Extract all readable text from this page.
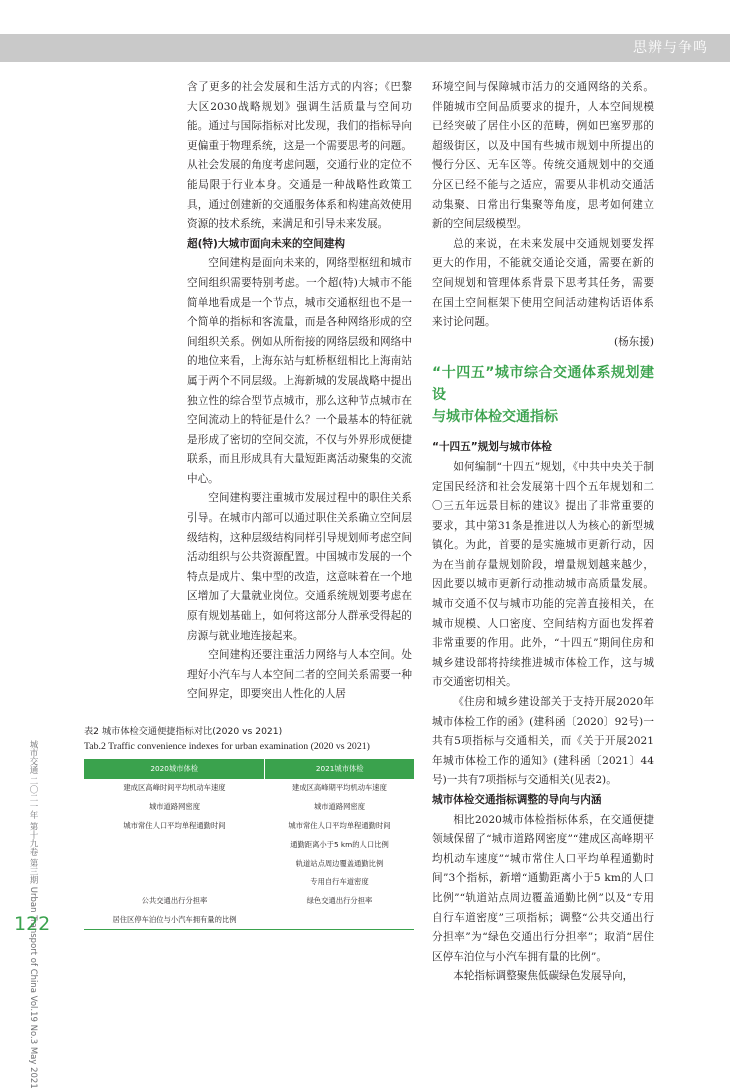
思辨与争鸣

含了更多的社会发展和生活方式的内容；《巴黎大区2030战略规划》强调生活质量与空间功能。通过与国际指标对比发现，我们的指标导向更偏重于物理系统，这是一个需要思考的问题。从社会发展的角度考虑问题，交通行业的定位不能局限于行业本身。交通是一种战略性政策工具，通过创建新的交通服务体系和构建高效使用资源的技术系统，来满足和引导未来发展。

超(特)大城市面向未来的空间建构

空间建构是面向未来的，网络型枢纽和城市空间组织需要特别考虑。一个超(特)大城市不能简单地看成是一个节点，城市交通枢纽也不是一个简单的指标和客流量，而是各种网络形成的空间组织关系。例如从所衔接的网络层级和网络中的地位来看，上海东站与虹桥枢纽相比上海南站属于两个不同层级。上海新城的发展战略中提出独立性的综合型节点城市，那么这种节点城市在空间流动上的特征是什么？一个最基本的特征就是形成了密切的空间交流，不仅与外界形成便捷联系，而且形成具有大量短距离活动聚集的交流中心。

空间建构要注重城市发展过程中的职住关系引导。在城市内部可以通过职住关系确立空间层级结构，这种层级结构同样引导规划师考虑空间活动组织与公共资源配置。中国城市发展的一个特点是成片、集中型的改造，这意味着在一个地区增加了大量就业岗位。交通系统规划要考虑在原有规划基础上，如何将这部分人群承受得起的房源与就业地连接起来。

空间建构还要注重活力网络与人本空间。处理好小汽车与人本空间二者的空间关系需要一种空间界定，即要突出人性化的人居

环境空间与保障城市活力的交通网络的关系。伴随城市空间品质要求的提升，人本空间规模已经突破了居住小区的范畴，例如巴塞罗那的超级街区，以及中国有些城市规划中所提出的慢行分区、无车区等。传统交通规划中的交通分区已经不能与之适应，需要从非机动交通活动集聚、日常出行集聚等角度，思考如何建立新的空间层级模型。

总的来说，在未来发展中交通规划要发挥更大的作用，不能就交通论交通，需要在新的空间规划和管理体系背景下思考其任务，需要在国土空间框架下使用空间活动建构话语体系来讨论问题。

(杨东援)

“十四五”城市综合交通体系规划建设

与城市体检交通指标

“十四五”规划与城市体检

如何编制“十四五”规划，《中共中央关于制定国民经济和社会发展第十四个五年规划和二〇三五年远景目标的建议》提出了非常重要的要求，其中第31条是推进以人为核心的新型城镇化。为此，首要的是实施城市更新行动，因为在当前存量规划阶段，增量规划越来越少，因此要以城市更新行动推动城市高质量发展。城市交通不仅与城市功能的完善直接相关，在城市规模、人口密度、空间结构方面也发挥着非常重要的作用。此外，“十四五”期间住房和城乡建设部将持续推进城市体检工作，这与城市交通密切相关。

《住房和城乡建设部关于支持开展2020年城市体检工作的函》(建科函〔2020〕92号)一共有5项指标与交通相关，而《关于开展2021年城市体检工作的通知》(建科函〔2021〕44号)一共有7项指标与交通相关(见表2)。

城市体检交通指标调整的导向与内涵

相比2020城市体检指标体系，在交通便捷领域保留了“城市道路网密度”“建成区高峰期平均机动车速度”“城市常住人口平均单程通勤时间”3个指标，新增“通勤距离小于5 km的人口比例”“轨道站点周边覆盖通勤比例”以及“专用自行车道密度”三项指标；调整“公共交通出行分担率”为“绿色交通出行分担率”；取消“居住区停车泊位与小汽车拥有量的比例”。

本轮指标调整聚焦低碳绿色发展导向，

表2 城市体检交通便捷指标对比(2020 vs 2021)
Tab.2 Traffic convenience indexes for urban examination (2020 vs 2021)
2020城市体检	2021城市体检
建成区高峰时间平均机动车速度	建成区高峰期平均机动车速度
城市道路网密度	城市道路网密度
城市常住人口平均单程通勤时间	城市常住人口平均单程通勤时间
	通勤距离小于5 km的人口比例
	轨道站点周边覆盖通勤比例
	专用自行车道密度
公共交通出行分担率	绿色交通出行分担率
居住区停车泊位与小汽车拥有量的比例	
城市交通 二〇二一年 第十九卷 第三期 Urban Transport of China Vol.19 No.3 May 2021
122
